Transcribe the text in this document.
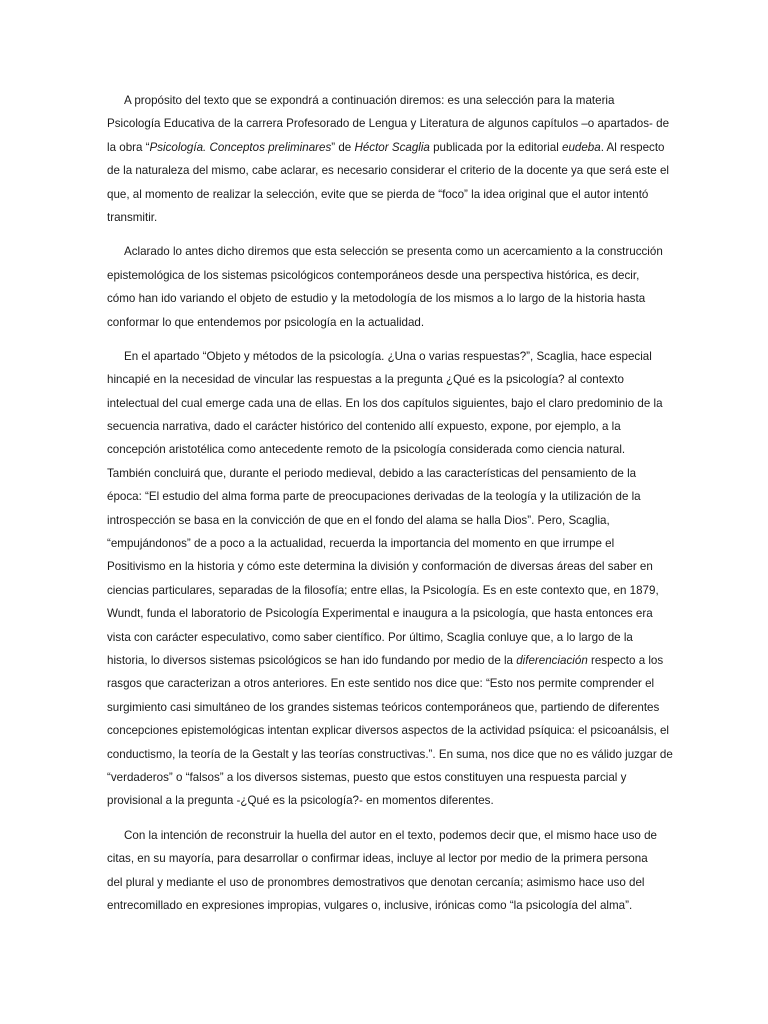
A propósito del texto que se expondrá a continuación diremos: es una selección para la materia
Psicología Educativa de la carrera Profesorado de Lengua y Literatura de algunos capítulos –o apartados- de
la obra “Psicología. Conceptos preliminares” de Héctor Scaglia publicada por la editorial eudeba. Al respecto
de la naturaleza del mismo, cabe aclarar, es necesario considerar el criterio de la docente ya que será este el
que, al momento de realizar la selección, evite que se pierda de “foco” la idea original que el autor intentó
transmitir.
Aclarado lo antes dicho diremos que esta selección se presenta como un acercamiento a la construcción
epistemológica de los sistemas psicológicos contemporáneos desde una perspectiva histórica, es decir,
cómo han ido variando el objeto de estudio y la metodología de los mismos a lo largo de la historia hasta
conformar lo que entendemos por psicología en la actualidad.
En el apartado “Objeto y métodos de la psicología. ¿Una o varias respuestas?”, Scaglia, hace especial
hincapié en la necesidad de vincular las respuestas a la pregunta ¿Qué es la psicología? al contexto
intelectual del cual emerge cada una de ellas. En los dos capítulos siguientes, bajo el claro predominio de la
secuencia narrativa, dado el carácter histórico del contenido allí expuesto, expone, por ejemplo, a la
concepción aristotélica como antecedente remoto de la psicología considerada como ciencia natural.
También concluirá que, durante el periodo medieval, debido a las características del pensamiento de la
época: “El estudio del alma forma parte de preocupaciones derivadas de la teología y la utilización de la
introspección se basa en la convicción de que en el fondo del alama se halla Dios”. Pero, Scaglia,
“empujándonos” de a poco a la actualidad, recuerda la importancia del momento en que irrumpe el
Positivismo en la historia y cómo este determina la división y conformación de diversas áreas del saber en
ciencias particulares, separadas de la filosofía; entre ellas, la Psicología. Es en este contexto que, en 1879,
Wundt, funda el laboratorio de Psicología Experimental e inaugura a la psicología, que hasta entonces era
vista con carácter especulativo, como saber científico. Por último, Scaglia conluye que, a lo largo de la
historia, lo diversos sistemas psicológicos se han ido fundando por medio de la diferenciación respecto a los
rasgos que caracterizan a otros anteriores. En este sentido nos dice que: “Esto nos permite comprender el
surgimiento casi simultáneo de los grandes sistemas teóricos contemporáneos que, partiendo de diferentes
concepciones epistemológicas intentan explicar diversos aspectos de la actividad psíquica: el psicoanálsis, el
conductismo, la teoría de la Gestalt y las teorías constructivas.”. En suma, nos dice que no es válido juzgar de
“verdaderos” o “falsos” a los diversos sistemas, puesto que estos constituyen una respuesta parcial y
provisional a la pregunta -¿Qué es la psicología?- en momentos diferentes.
Con la intención de reconstruir la huella del autor en el texto, podemos decir que, el mismo hace uso de
citas, en su mayoría, para desarrollar o confirmar ideas, incluye al lector por medio de la primera persona
del plural y mediante el uso de pronombres demostrativos que denotan cercanía; asimismo hace uso del
entrecomillado en expresiones impropias, vulgares o, inclusive, irónicas como “la psicología del alma”.
